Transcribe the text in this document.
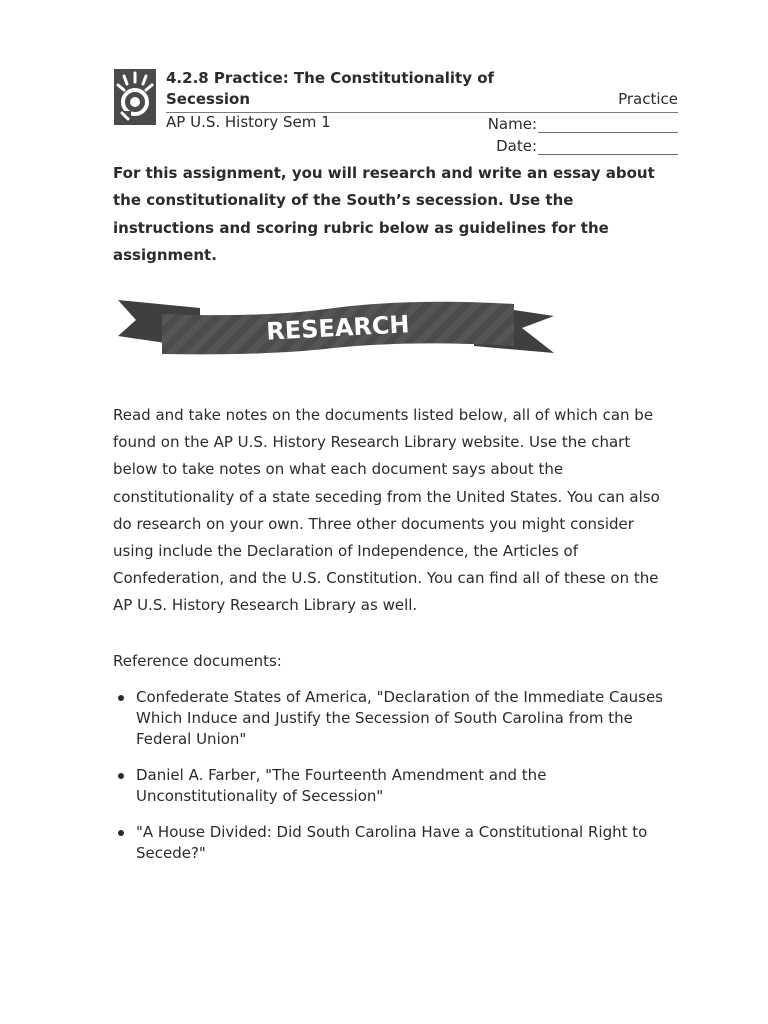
4.2.8 Practice: The Constitutionality of Secession	Practice
AP U.S. History Sem 1	Name:
Date:
For this assignment, you will research and write an essay about the constitutionality of the South’s secession. Use the instructions and scoring rubric below as guidelines for the assignment.
RESEARCH
Read and take notes on the documents listed below, all of which can be found on the AP U.S. History Research Library website. Use the chart below to take notes on what each document says about the constitutionality of a state seceding from the United States. You can also do research on your own. Three other documents you might consider using include the Declaration of Independence, the Articles of Confederation, and the U.S. Constitution. You can find all of these on the AP U.S. History Research Library as well.
Reference documents:
Confederate States of America, "Declaration of the Immediate Causes Which Induce and Justify the Secession of South Carolina from the Federal Union"
Daniel A. Farber, "The Fourteenth Amendment and the Unconstitutionality of Secession"
"A House Divided: Did South Carolina Have a Constitutional Right to Secede?"
